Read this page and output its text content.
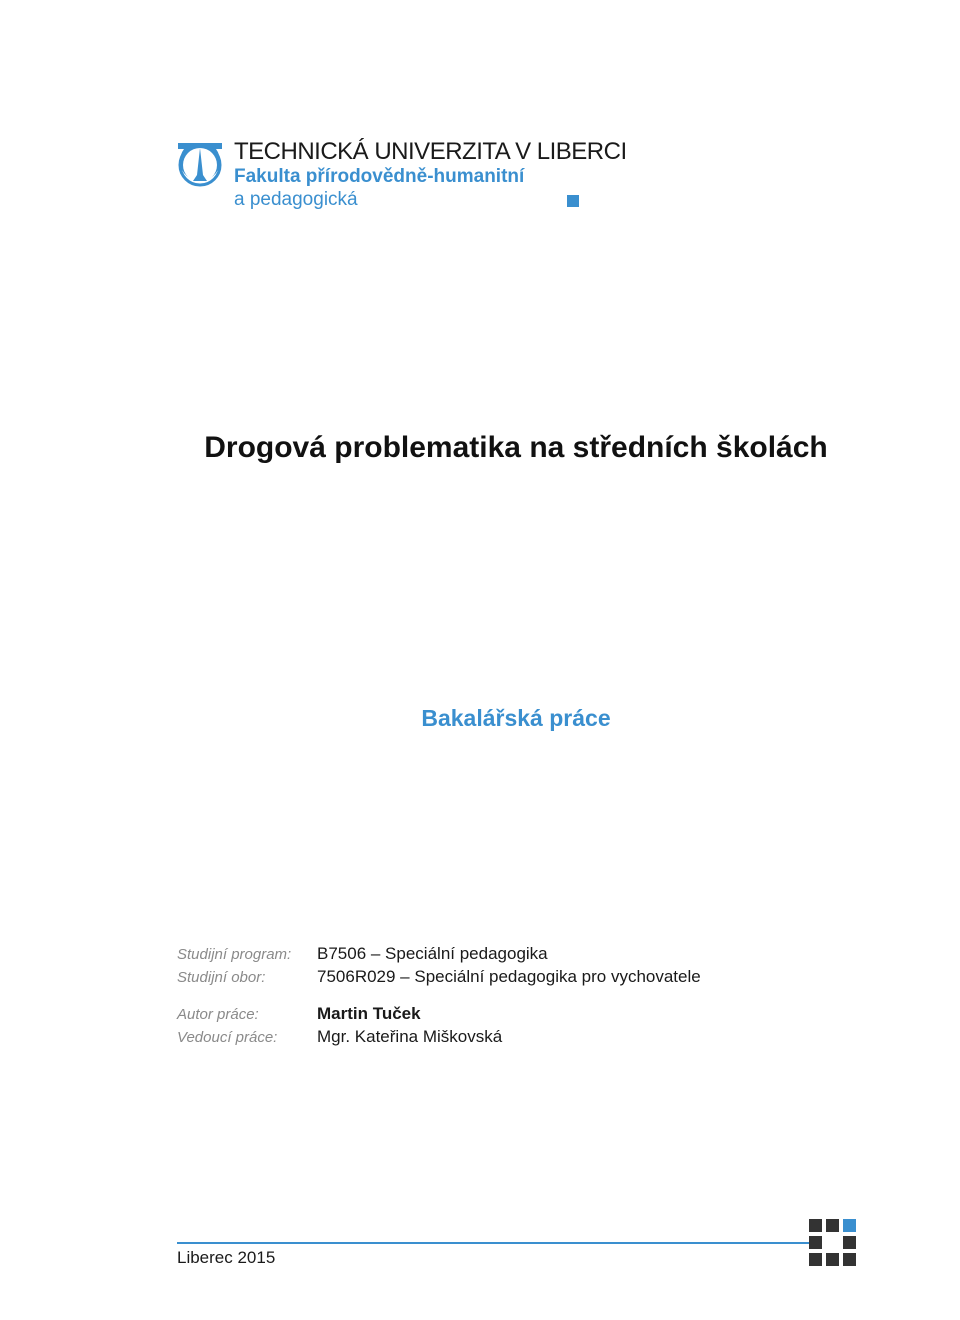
TECHNICKÁ UNIVERZITA V LIBERCI
Fakulta přírodovědně-humanitní
a pedagogická
Drogová problematika na středních školách
Bakalářská práce
Studijní program: B7506 – Speciální pedagogika
Studijní obor:	7506R029 – Speciální pedagogika pro vychovatele
Autor práce:	Martin Tuček
Vedoucí práce: Mgr. Kateřina Miškovská
Liberec 2015
